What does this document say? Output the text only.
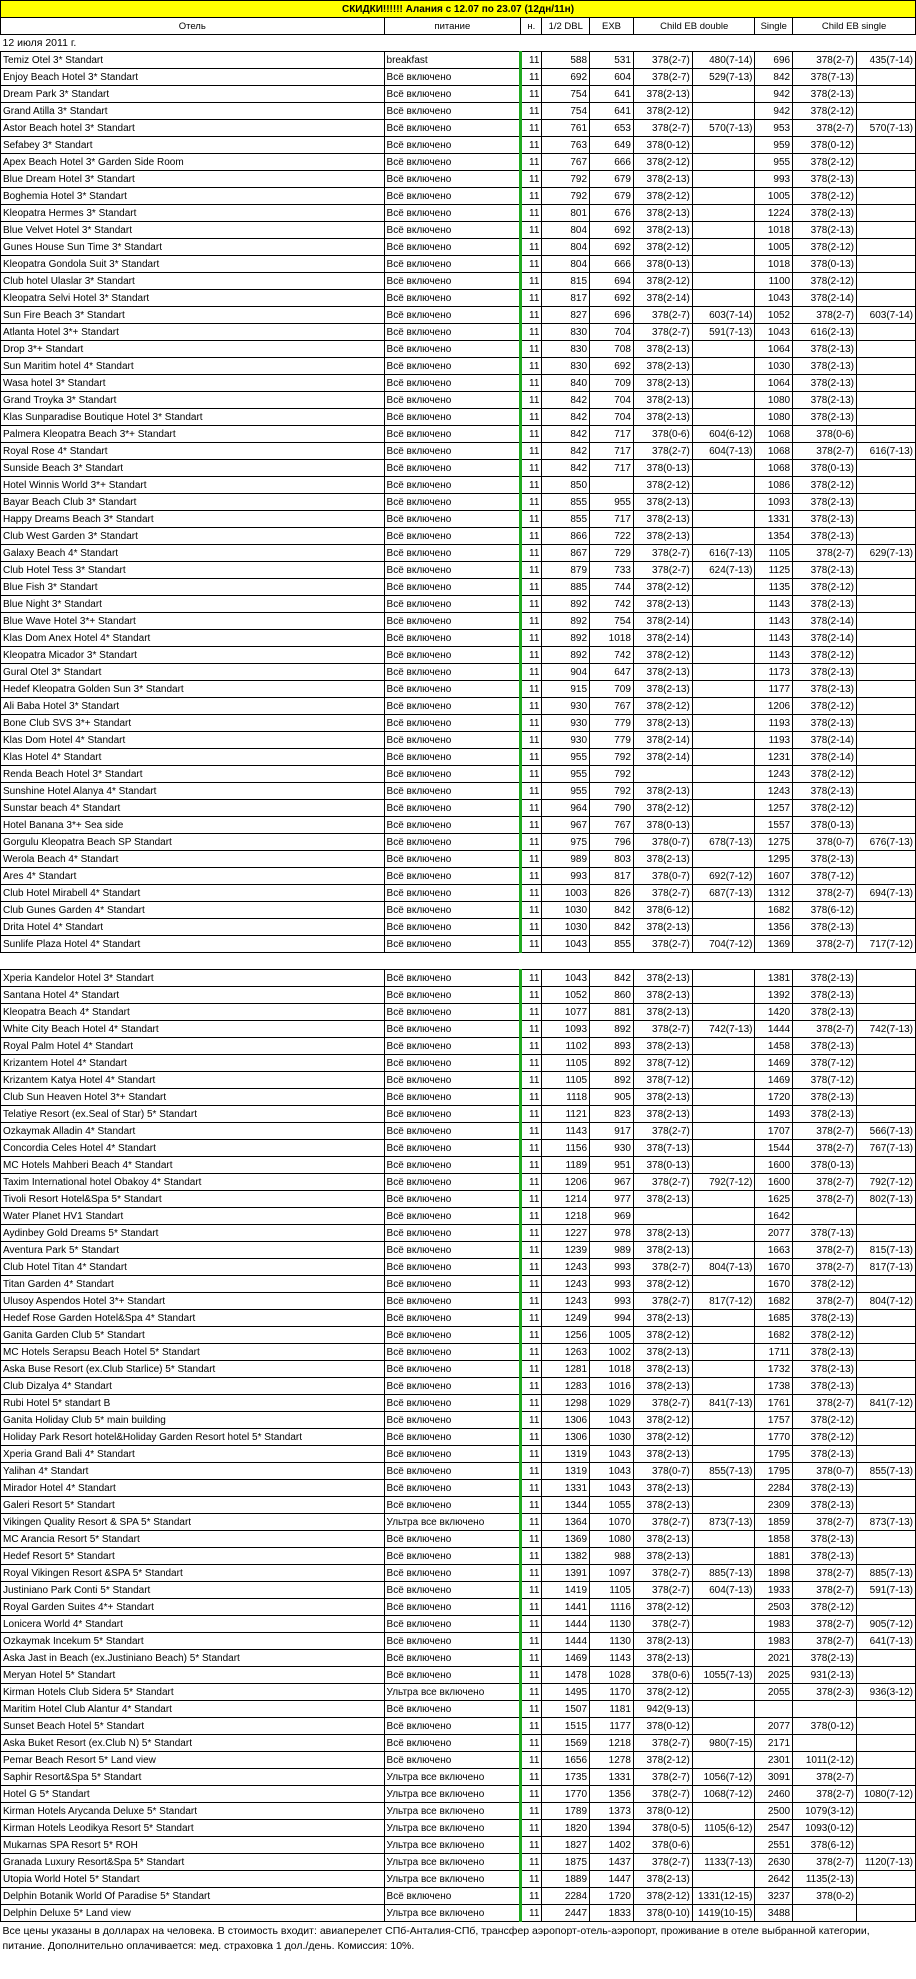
СКИДКИ!!!!!! Алания с 12.07 по 23.07 (12дн/11н)									
Отель	питание	н.	1/2 DBL	EXB	Child EB double		Single	Child EB single	
12 июля 2011 г.									
Temiz Otel 3* Standart	breakfast	11	588	531	378(2-7)	480(7-14)	696	378(2-7)	435(7-14)
Enjoy Beach Hotel 3* Standart	Всё включено	11	692	604	378(2-7)	529(7-13)	842	378(7-13)	
Dream Park 3* Standart	Всё включено	11	754	641	378(2-13)		942	378(2-13)	
Grand Atilla 3* Standart	Всё включено	11	754	641	378(2-12)		942	378(2-12)	
Astor Beach hotel 3* Standart	Всё включено	11	761	653	378(2-7)	570(7-13)	953	378(2-7)	570(7-13)
Sefabey 3* Standart	Всё включено	11	763	649	378(0-12)		959	378(0-12)	
Apex Beach Hotel 3* Garden Side Room	Всё включено	11	767	666	378(2-12)		955	378(2-12)	
Blue Dream Hotel 3* Standart	Всё включено	11	792	679	378(2-13)		993	378(2-13)	
Boghemia Hotel 3* Standart	Всё включено	11	792	679	378(2-12)		1005	378(2-12)	
Kleopatra Hermes 3* Standart	Всё включено	11	801	676	378(2-13)		1224	378(2-13)	
Blue Velvet Hotel 3* Standart	Всё включено	11	804	692	378(2-13)		1018	378(2-13)	
Gunes House Sun Time 3* Standart	Всё включено	11	804	692	378(2-12)		1005	378(2-12)	
Kleopatra Gondola Suit 3* Standart	Всё включено	11	804	666	378(0-13)		1018	378(0-13)	
Club hotel Ulaslar 3* Standart	Всё включено	11	815	694	378(2-12)		1100	378(2-12)	
Kleopatra Selvi Hotel 3* Standart	Всё включено	11	817	692	378(2-14)		1043	378(2-14)	
Sun Fire Beach 3* Standart	Всё включено	11	827	696	378(2-7)	603(7-14)	1052	378(2-7)	603(7-14)
Atlanta Hotel 3*+ Standart	Всё включено	11	830	704	378(2-7)	591(7-13)	1043	616(2-13)	
Drop 3*+ Standart	Всё включено	11	830	708	378(2-13)		1064	378(2-13)	
Sun Maritim hotel 4* Standart	Всё включено	11	830	692	378(2-13)		1030	378(2-13)	
Wasa hotel 3* Standart	Всё включено	11	840	709	378(2-13)		1064	378(2-13)	
Grand Troyka 3* Standart	Всё включено	11	842	704	378(2-13)		1080	378(2-13)	
Klas Sunparadise Boutique Hotel 3* Standart	Всё включено	11	842	704	378(2-13)		1080	378(2-13)	
Palmera Kleopatra Beach 3*+ Standart	Всё включено	11	842	717	378(0-6)	604(6-12)	1068	378(0-6)	
Royal Rose 4* Standart	Всё включено	11	842	717	378(2-7)	604(7-13)	1068	378(2-7)	616(7-13)
Sunside Beach 3* Standart	Всё включено	11	842	717	378(0-13)		1068	378(0-13)	
Hotel Winnis World 3*+ Standart	Всё включено	11	850		378(2-12)		1086	378(2-12)	
Bayar Beach Club 3* Standart	Всё включено	11	855	955	378(2-13)		1093	378(2-13)	
Happy Dreams Beach 3* Standart	Всё включено	11	855	717	378(2-13)		1331	378(2-13)	
Club West Garden 3* Standart	Всё включено	11	866	722	378(2-13)		1354	378(2-13)	
Galaxy Beach 4* Standart	Всё включено	11	867	729	378(2-7)	616(7-13)	1105	378(2-7)	629(7-13)
Club Hotel Tess 3* Standart	Всё включено	11	879	733	378(2-7)	624(7-13)	1125	378(2-13)	
Blue Fish 3* Standart	Всё включено	11	885	744	378(2-12)		1135	378(2-12)	
Blue Night 3* Standart	Всё включено	11	892	742	378(2-13)		1143	378(2-13)	
Blue Wave Hotel 3*+ Standart	Всё включено	11	892	754	378(2-14)		1143	378(2-14)	
Klas Dom Anex Hotel 4* Standart	Всё включено	11	892	1018	378(2-14)		1143	378(2-14)	
Kleopatra Micador 3* Standart	Всё включено	11	892	742	378(2-12)		1143	378(2-12)	
Gural Otel 3* Standart	Всё включено	11	904	647	378(2-13)		1173	378(2-13)	
Hedef Kleopatra Golden Sun 3* Standart	Всё включено	11	915	709	378(2-13)		1177	378(2-13)	
Ali Baba Hotel 3* Standart	Всё включено	11	930	767	378(2-12)		1206	378(2-12)	
Bone Club SVS 3*+ Standart	Всё включено	11	930	779	378(2-13)		1193	378(2-13)	
Klas Dom Hotel 4* Standart	Всё включено	11	930	779	378(2-14)		1193	378(2-14)	
Klas Hotel 4* Standart	Всё включено	11	955	792	378(2-14)		1231	378(2-14)	
Renda Beach Hotel 3* Standart	Всё включено	11	955	792			1243	378(2-12)	
Sunshine Hotel Alanya 4* Standart	Всё включено	11	955	792	378(2-13)		1243	378(2-13)	
Sunstar beach 4* Standart	Всё включено	11	964	790	378(2-12)		1257	378(2-12)	
Hotel Banana 3*+ Sea side	Всё включено	11	967	767	378(0-13)		1557	378(0-13)	
Gorgulu Kleopatra Beach SP Standart	Всё включено	11	975	796	378(0-7)	678(7-13)	1275	378(0-7)	676(7-13)
Werola Beach 4* Standart	Всё включено	11	989	803	378(2-13)		1295	378(2-13)	
Ares 4* Standart	Всё включено	11	993	817	378(0-7)	692(7-12)	1607	378(7-12)	
Club Hotel Mirabell 4* Standart	Всё включено	11	1003	826	378(2-7)	687(7-13)	1312	378(2-7)	694(7-13)
Club Gunes Garden 4* Standart	Всё включено	11	1030	842	378(6-12)		1682	378(6-12)	
Drita Hotel 4* Standart	Всё включено	11	1030	842	378(2-13)		1356	378(2-13)	
Sunlife Plaza Hotel 4* Standart	Всё включено	11	1043	855	378(2-7)	704(7-12)	1369	378(2-7)	717(7-12)

Xperia Kandelor Hotel 3* Standart	Всё включено	11	1043	842	378(2-13)		1381	378(2-13)	
Santana Hotel 4* Standart	Всё включено	11	1052	860	378(2-13)		1392	378(2-13)	
Kleopatra Beach 4* Standart	Всё включено	11	1077	881	378(2-13)		1420	378(2-13)	
White City Beach Hotel 4* Standart	Всё включено	11	1093	892	378(2-7)	742(7-13)	1444	378(2-7)	742(7-13)
Royal Palm Hotel 4* Standart	Всё включено	11	1102	893	378(2-13)		1458	378(2-13)	
Krizantem Hotel 4* Standart	Всё включено	11	1105	892	378(7-12)		1469	378(7-12)	
Krizantem Katya Hotel 4* Standart	Всё включено	11	1105	892	378(7-12)		1469	378(7-12)	
Club Sun Heaven Hotel 3*+ Standart	Всё включено	11	1118	905	378(2-13)		1720	378(2-13)	
Telatiye Resort (ex.Seal of Star) 5* Standart	Всё включено	11	1121	823	378(2-13)		1493	378(2-13)	
Ozkaymak Alladin 4* Standart	Всё включено	11	1143	917	378(2-7)		1707	378(2-7)	566(7-13)
Concordia Celes Hotel 4* Standart	Всё включено	11	1156	930	378(7-13)		1544	378(2-7)	767(7-13)
MC Hotels Mahberi Beach 4* Standart	Всё включено	11	1189	951	378(0-13)		1600	378(0-13)	
Taxim International hotel Obakoy 4* Standart	Всё включено	11	1206	967	378(2-7)	792(7-12)	1600	378(2-7)	792(7-12)
Tivoli Resort Hotel&Spa 5* Standart	Всё включено	11	1214	977	378(2-13)		1625	378(2-7)	802(7-13)
Water Planet HV1 Standart	Всё включено	11	1218	969			1642		
Aydinbey Gold Dreams 5* Standart	Всё включено	11	1227	978	378(2-13)		2077	378(7-13)	
Aventura Park 5* Standart	Всё включено	11	1239	989	378(2-13)		1663	378(2-7)	815(7-13)
Club Hotel Titan 4* Standart	Всё включено	11	1243	993	378(2-7)	804(7-13)	1670	378(2-7)	817(7-13)
Titan Garden 4* Standart	Всё включено	11	1243	993	378(2-12)		1670	378(2-12)	
Ulusoy Aspendos Hotel 3*+ Standart	Всё включено	11	1243	993	378(2-7)	817(7-12)	1682	378(2-7)	804(7-12)
Hedef Rose Garden Hotel&Spa 4* Standart	Всё включено	11	1249	994	378(2-13)		1685	378(2-13)	
Ganita Garden Club 5* Standart	Всё включено	11	1256	1005	378(2-12)		1682	378(2-12)	
MC Hotels Serapsu Beach Hotel 5* Standart	Всё включено	11	1263	1002	378(2-13)		1711	378(2-13)	
Aska Buse Resort (ex.Club Starlice) 5* Standart	Всё включено	11	1281	1018	378(2-13)		1732	378(2-13)	
Club Dizalya 4* Standart	Всё включено	11	1283	1016	378(2-13)		1738	378(2-13)	
Rubi Hotel 5* standart B	Всё включено	11	1298	1029	378(2-7)	841(7-13)	1761	378(2-7)	841(7-12)
Ganita Holiday Club 5* main building	Всё включено	11	1306	1043	378(2-12)		1757	378(2-12)	
Holiday Park Resort hotel&Holiday Garden Resort hotel 5* Standart	Всё включено	11	1306	1030	378(2-12)		1770	378(2-12)	
Xperia Grand Bali 4* Standart	Всё включено	11	1319	1043	378(2-13)		1795	378(2-13)	
Yalihan 4* Standart	Всё включено	11	1319	1043	378(0-7)	855(7-13)	1795	378(0-7)	855(7-13)
Mirador Hotel 4* Standart	Всё включено	11	1331	1043	378(2-13)		2284	378(2-13)	
Galeri Resort 5* Standart	Всё включено	11	1344	1055	378(2-13)		2309	378(2-13)	
Vikingen Quality Resort & SPA 5* Standart	Ультра все включено	11	1364	1070	378(2-7)	873(7-13)	1859	378(2-7)	873(7-13)
MC Arancia Resort 5* Standart	Всё включено	11	1369	1080	378(2-13)		1858	378(2-13)	
Hedef Resort 5* Standart	Всё включено	11	1382	988	378(2-13)		1881	378(2-13)	
Royal Vikingen Resort &SPA 5* Standart	Всё включено	11	1391	1097	378(2-7)	885(7-13)	1898	378(2-7)	885(7-13)
Justiniano Park Conti 5* Standart	Всё включено	11	1419	1105	378(2-7)	604(7-13)	1933	378(2-7)	591(7-13)
Royal Garden Suites 4*+ Standart	Всё включено	11	1441	1116	378(2-12)		2503	378(2-12)	
Lonicera World 4* Standart	Всё включено	11	1444	1130	378(2-7)		1983	378(2-7)	905(7-12)
Ozkaymak Incekum 5* Standart	Всё включено	11	1444	1130	378(2-13)		1983	378(2-7)	641(7-13)
Aska Jast in Beach (ex.Justiniano Beach) 5* Standart	Всё включено	11	1469	1143	378(2-13)		2021	378(2-13)	
Meryan Hotel 5* Standart	Всё включено	11	1478	1028	378(0-6)	1055(7-13)	2025	931(2-13)	
Kirman Hotels Club Sidera 5* Standart	Ультра все включено	11	1495	1170	378(2-12)		2055	378(2-3)	936(3-12)
Maritim Hotel Club Alantur 4* Standart	Всё включено	11	1507	1181	942(9-13)				
Sunset Beach Hotel 5* Standart	Всё включено	11	1515	1177	378(0-12)		2077	378(0-12)	
Aska Buket Resort (ex.Club N) 5* Standart	Всё включено	11	1569	1218	378(2-7)	980(7-15)	2171		
Pemar Beach Resort 5* Land view	Всё включено	11	1656	1278	378(2-12)		2301	1011(2-12)	
Saphir Resort&Spa 5* Standart	Ультра все включено	11	1735	1331	378(2-7)	1056(7-12)	3091	378(2-7)	
Hotel G 5* Standart	Ультра все включено	11	1770	1356	378(2-7)	1068(7-12)	2460	378(2-7)	1080(7-12)
Kirman Hotels Arycanda Deluxe 5* Standart	Ультра все включено	11	1789	1373	378(0-12)		2500	1079(3-12)	
Kirman Hotels Leodikya Resort 5* Standart	Ультра все включено	11	1820	1394	378(0-5)	1105(6-12)	2547	1093(0-12)	
Mukarnas SPA Resort 5* ROH	Ультра все включено	11	1827	1402	378(0-6)		2551	378(6-12)	
Granada Luxury Resort&Spa 5* Standart	Ультра все включено	11	1875	1437	378(2-7)	1133(7-13)	2630	378(2-7)	1120(7-13)
Utopia World Hotel 5* Standart	Ультра все включено	11	1889	1447	378(2-13)		2642	1135(2-13)	
Delphin Botanik World Of Paradise 5* Standart	Всё включено	11	2284	1720	378(2-12)	1331(12-15)	3237	378(0-2)	
Delphin Deluxe 5* Land view	Ультра все включено	11	2447	1833	378(0-10)	1419(10-15)	3488		
Все цены указаны в долларах на человека. В стоимость входит: авиаперелет СПб-Анталия-СПб, трансфер аэропорт-отель-аэропорт, проживание в отеле выбранной категории, питание. Дополнительно оплачивается: мед. страховка 1 дол./день. Комиссия: 10%.									
